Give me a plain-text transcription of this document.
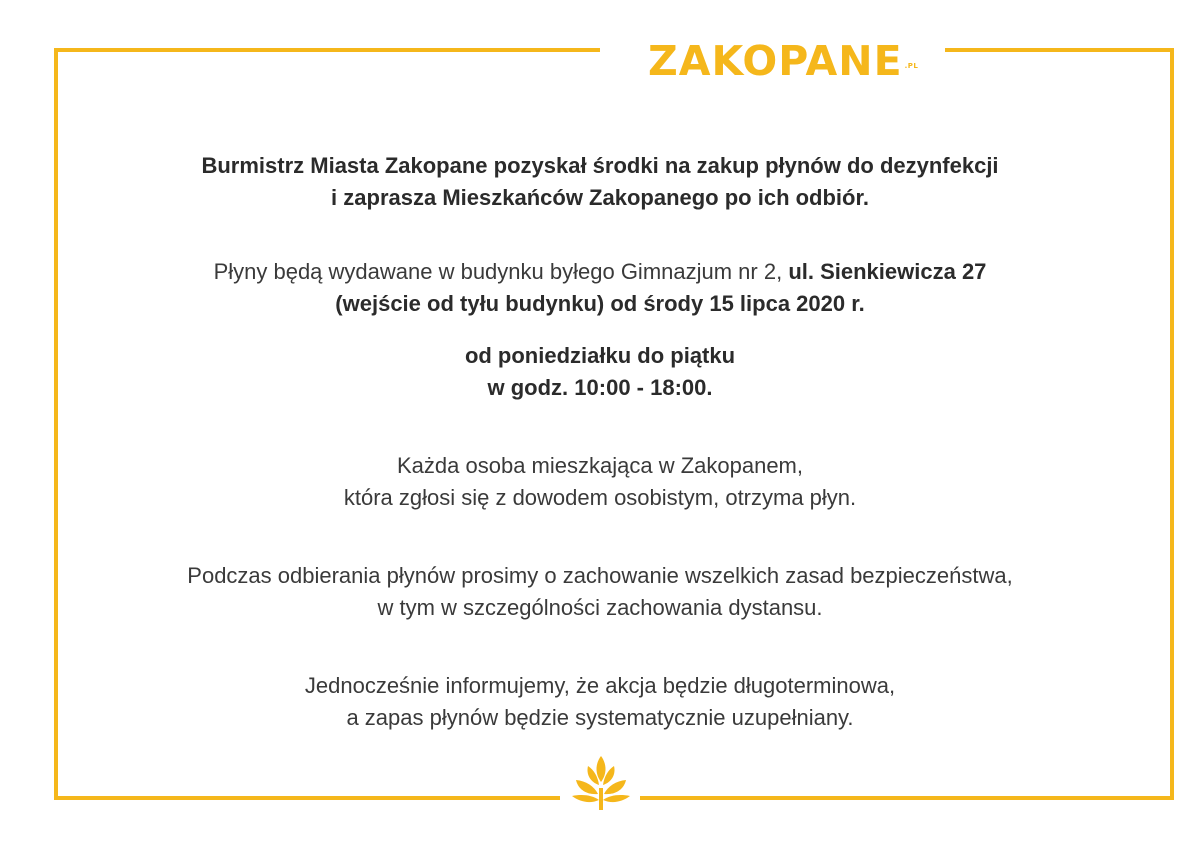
ZAKOPANE .PL

Burmistrz Miasta Zakopane pozyskał środki na zakup płynów do dezynfekcji
i zaprasza Mieszkańców Zakopanego po ich odbiór.

Płyny będą wydawane w budynku byłego Gimnazjum nr 2, ul. Sienkiewicza 27
(wejście od tyłu budynku) od środy 15 lipca 2020 r.

od poniedziałku do piątku
w godz. 10:00 - 18:00.

Każda osoba mieszkająca w Zakopanem,
która zgłosi się z dowodem osobistym, otrzyma płyn.

Podczas odbierania płynów prosimy o zachowanie wszelkich zasad bezpieczeństwa,
w tym w szczególności zachowania dystansu.

Jednocześnie informujemy, że akcja będzie długoterminowa,
a zapas płynów będzie systematycznie uzupełniany.
